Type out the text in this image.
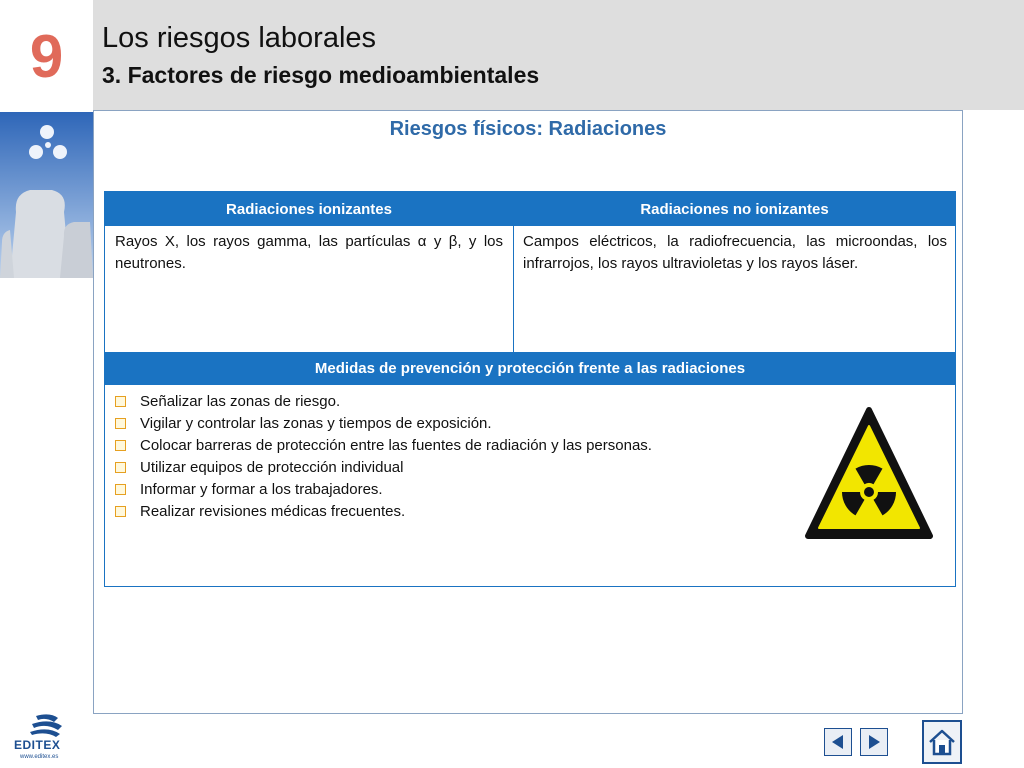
9	Los riesgos laborales
3. Factores de riesgo medioambientales
Riesgos físicos: Radiaciones
Radiaciones ionizantes	Radiaciones no ionizantes
Rayos X, los rayos gamma, las partículas α y β, y los neutrones.
Campos eléctricos, la radiofrecuencia, las microondas, los infrarrojos, los rayos ultravioletas y los rayos láser.
Medidas de prevención y protección frente a las radiaciones
Señalizar las zonas de riesgo.
Vigilar y controlar las zonas y tiempos de exposición.
Colocar barreras de protección entre las fuentes de radiación y las personas.
Utilizar equipos de protección individual
Informar y formar a los trabajadores.
Realizar revisiones médicas frecuentes.
EDITEX
www.editex.es
